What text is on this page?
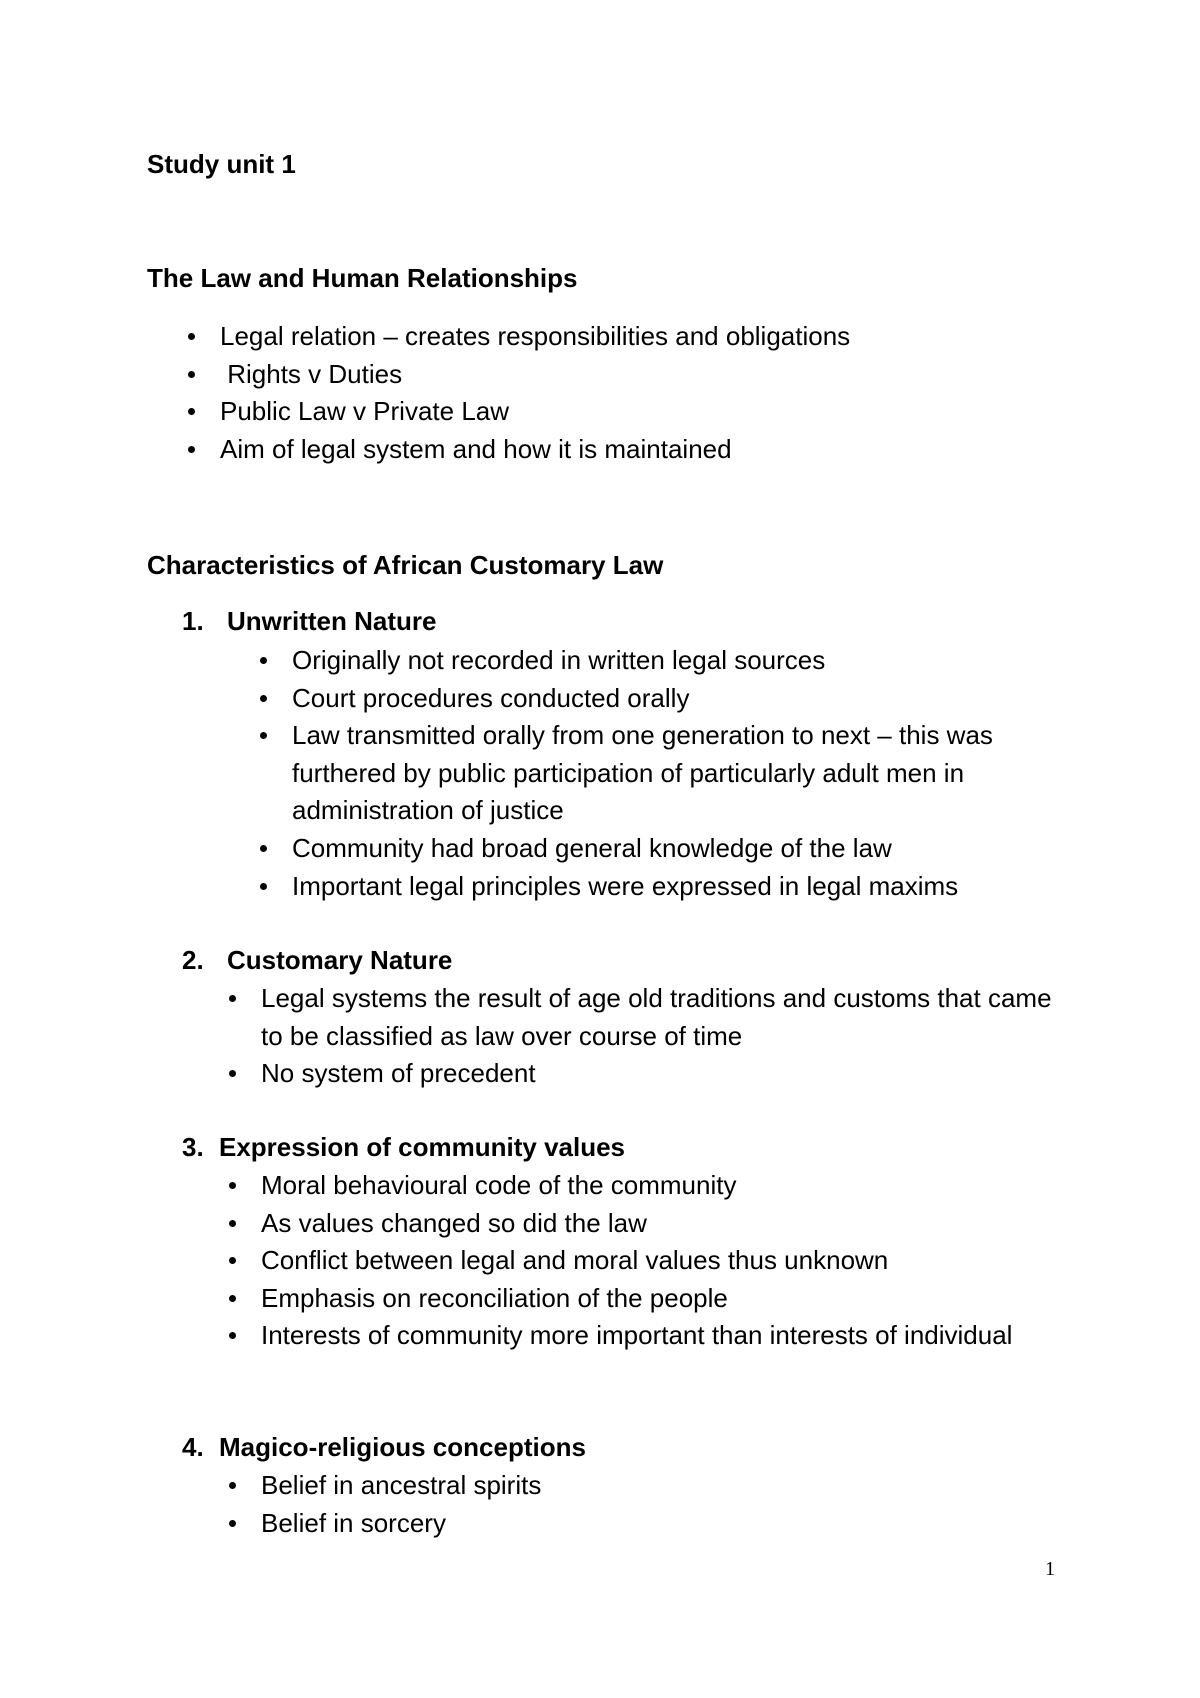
Study unit 1
The Law and Human Relationships
Legal relation – creates responsibilities and obligations
Rights v Duties
Public Law v Private Law
Aim of legal system and how it is maintained
Characteristics of African Customary Law
1. Unwritten Nature
Originally not recorded in written legal sources
Court procedures conducted orally
Law transmitted orally from one generation to next – this was furthered by public participation of particularly adult men in administration of justice
Community had broad general knowledge of the law
Important legal principles were expressed in legal maxims
2. Customary Nature
Legal systems the result of age old traditions and customs that came to be classified as law over course of time
No system of precedent
3. Expression of community values
Moral behavioural code of the community
As values changed so did the law
Conflict between legal and moral values thus unknown
Emphasis on reconciliation of the people
Interests of community more important than interests of individual
4. Magico-religious conceptions
Belief in ancestral spirits
Belief in sorcery
1
